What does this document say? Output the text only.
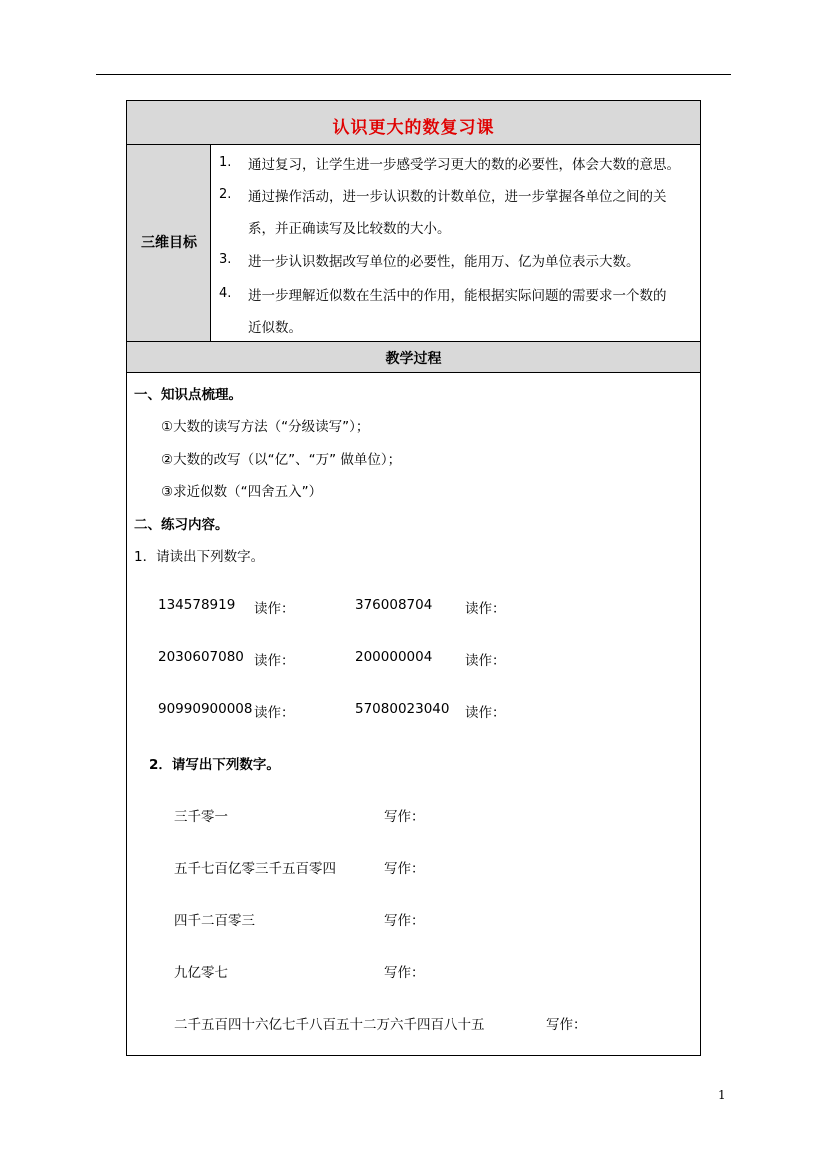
认识更大的数复习课
三维目标
1. 通过复习，让学生进一步感受学习更大的数的必要性，体会大数的意思。
2. 通过操作活动，进一步认识数的计数单位，进一步掌握各单位之间的关
系，并正确读写及比较数的大小。
3. 进一步认识数据改写单位的必要性，能用万、亿为单位表示大数。
4. 进一步理解近似数在生活中的作用，能根据实际问题的需要求一个数的
近似数。
教学过程
一、知识点梳理。
①大数的读写方法（“分级读写”）；
②大数的改写（以“亿”、“万” 做单位）；
③求近似数（“四舍五入”）
二、练习内容。
1．请读出下列数字。
134578919 读作：	376008704 读作：
2030607080 读作：	200000004 读作：
90990900008 读作：	57080023040 读作：
2．请写出下列数字。
三千零一	写作：
五千七百亿零三千五百零四	写作：
四千二百零三	写作：
九亿零七	写作：
二千五百四十六亿七千八百五十二万六千四百八十五	写作：
1
